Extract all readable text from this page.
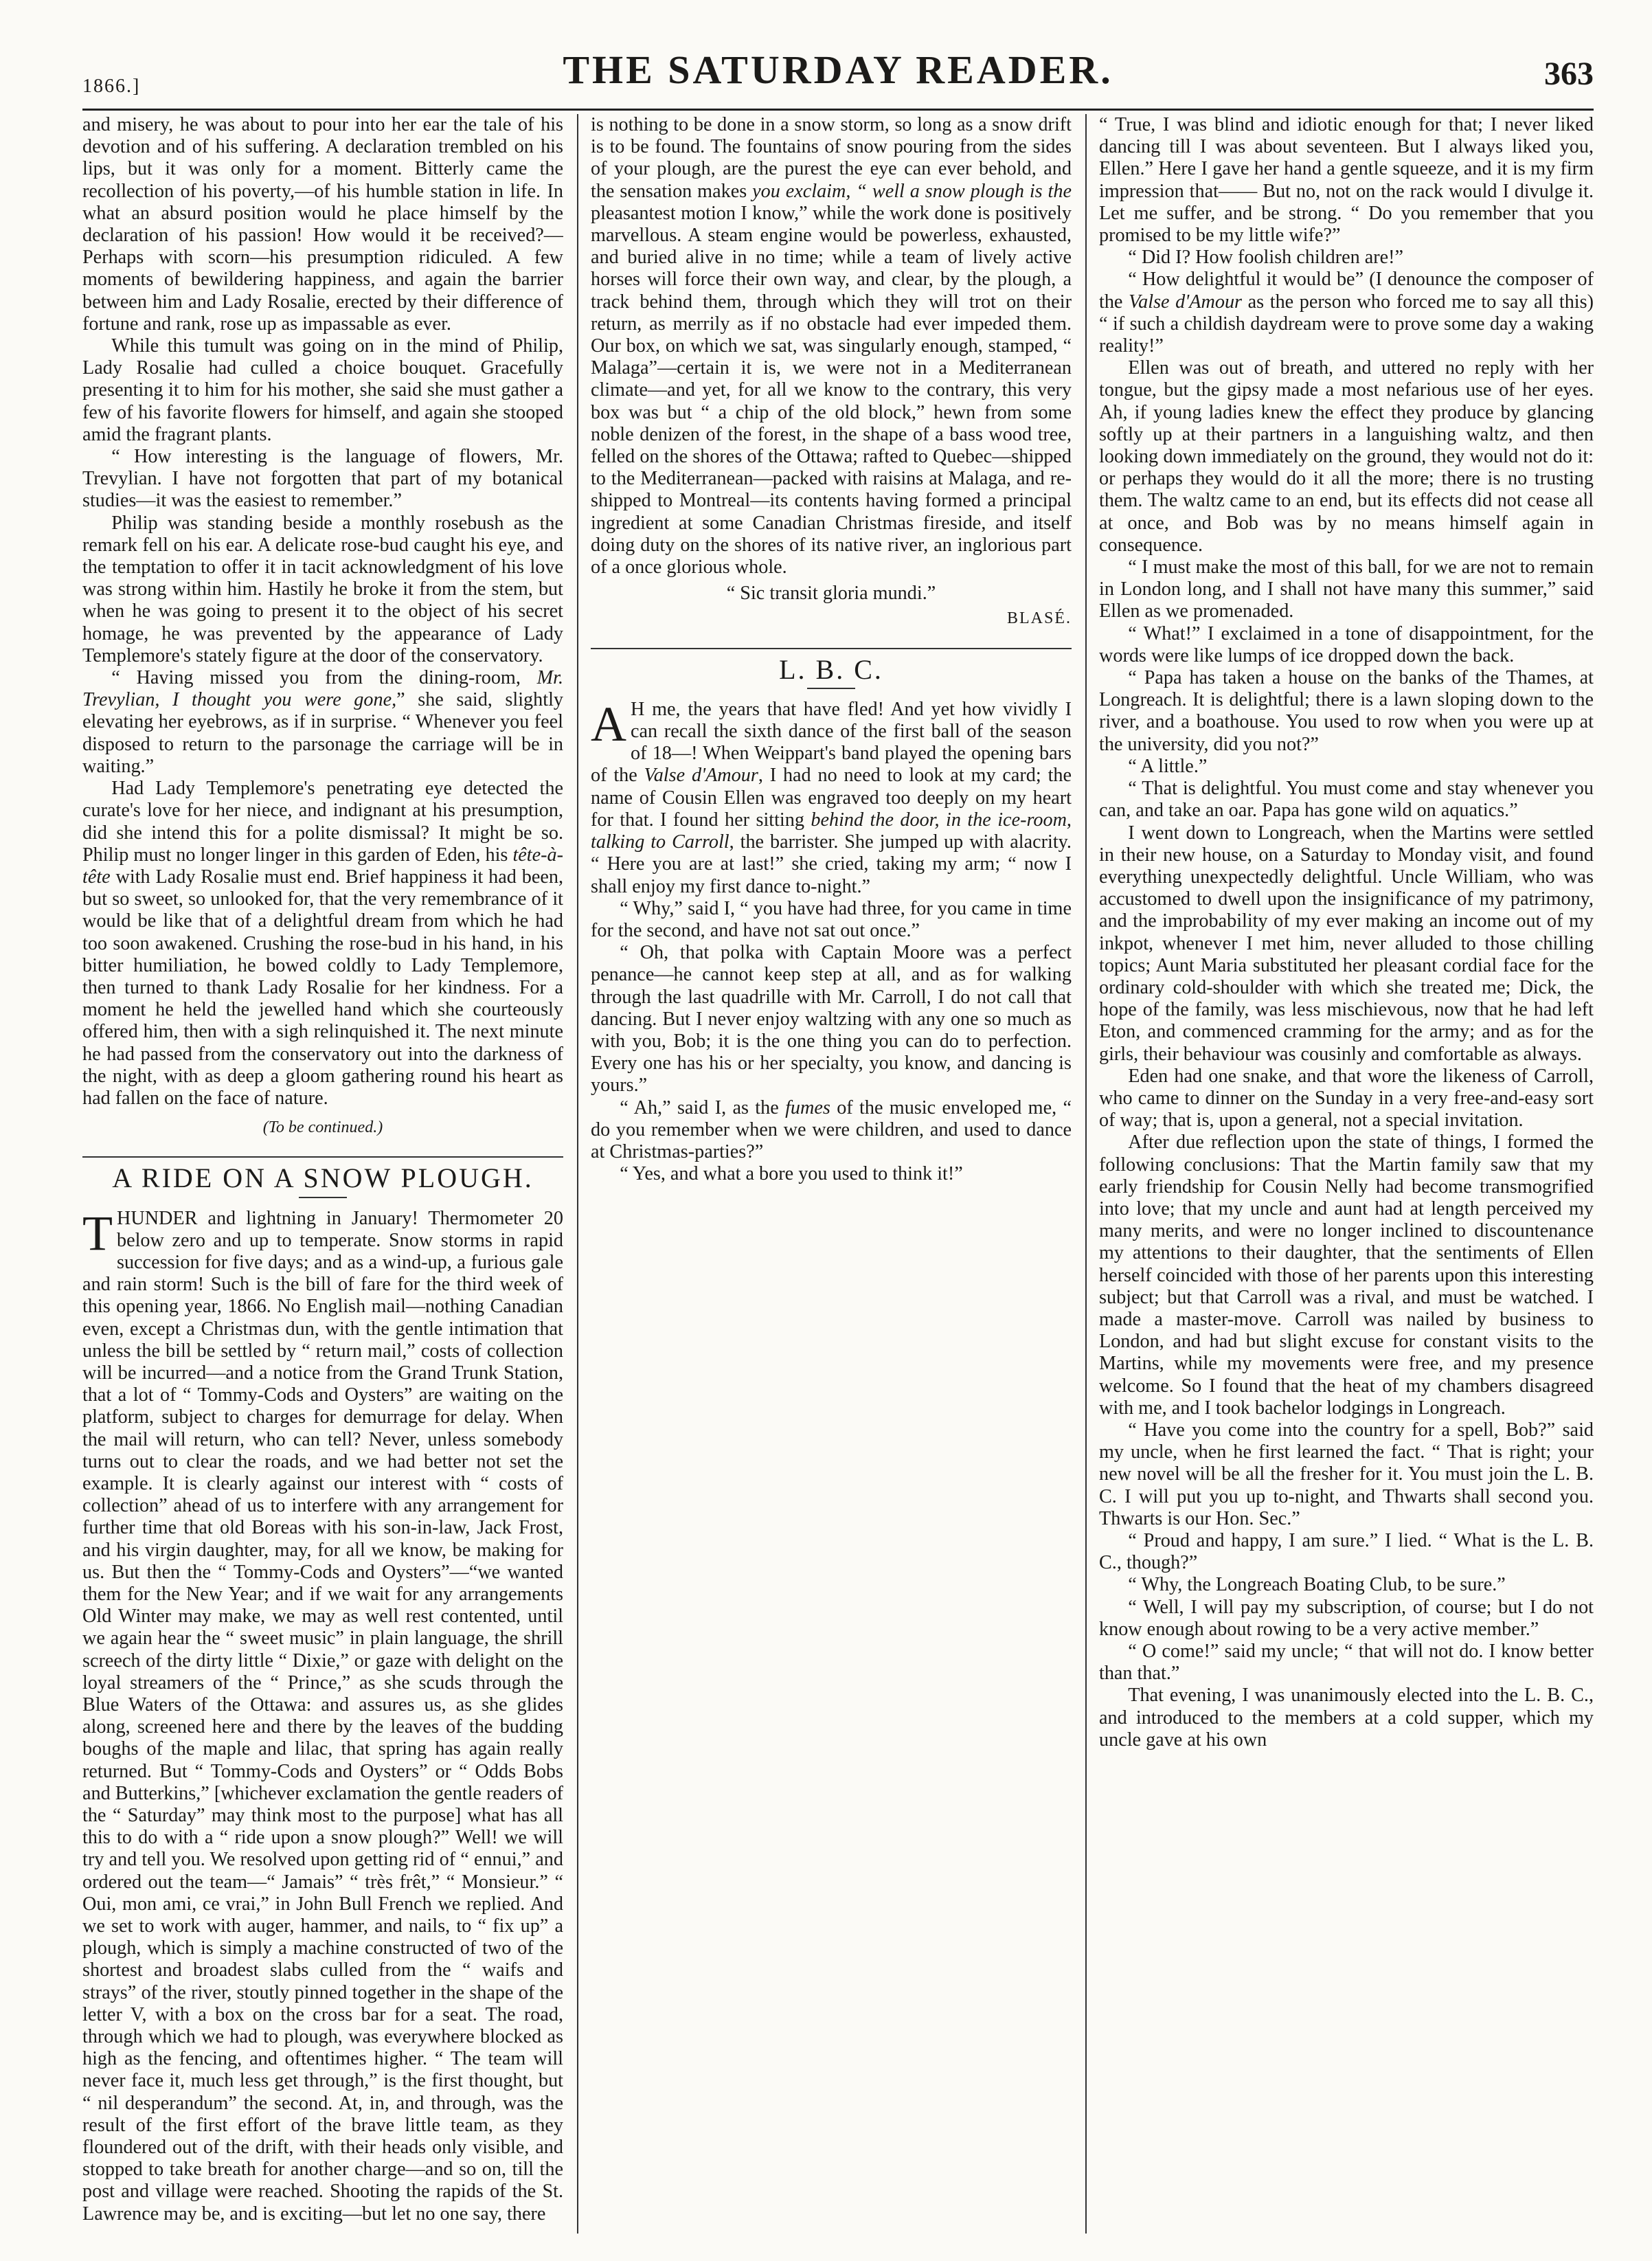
1866.]	THE SATURDAY READER.	363

and misery, he was about to pour into her ear the tale of his devotion and of his suffering. A declaration trembled on his lips, but it was only for a moment. Bitterly came the recollection of his poverty,—of his humble station in life. In what an absurd position would he place himself by the declaration of his passion! How would it be received?—Perhaps with scorn—his presumption ridiculed. A few moments of bewildering happiness, and again the barrier between him and Lady Rosalie, erected by their difference of fortune and rank, rose up as impassable as ever.

While this tumult was going on in the mind of Philip, Lady Rosalie had culled a choice bouquet. Gracefully presenting it to him for his mother, she said she must gather a few of his favorite flowers for himself, and again she stooped amid the fragrant plants.

“ How interesting is the language of flowers, Mr. Trevylian. I have not forgotten that part of my botanical studies—it was the easiest to remember.”

Philip was standing beside a monthly rosebush as the remark fell on his ear. A delicate rose-bud caught his eye, and the temptation to offer it in tacit acknowledgment of his love was strong within him. Hastily he broke it from the stem, but when he was going to present it to the object of his secret homage, he was prevented by the appearance of Lady Templemore's stately figure at the door of the conservatory.

“ Having missed you from the dining-room, Mr. Trevylian, I thought you were gone,” she said, slightly elevating her eyebrows, as if in surprise. “ Whenever you feel disposed to return to the parsonage the carriage will be in waiting.”

Had Lady Templemore's penetrating eye detected the curate's love for her niece, and indignant at his presumption, did she intend this for a polite dismissal? It might be so. Philip must no longer linger in this garden of Eden, his tête-à-tête with Lady Rosalie must end. Brief happiness it had been, but so sweet, so unlooked for, that the very remembrance of it would be like that of a delightful dream from which he had too soon awakened. Crushing the rose-bud in his hand, in his bitter humiliation, he bowed coldly to Lady Templemore, then turned to thank Lady Rosalie for her kindness. For a moment he held the jewelled hand which she courteously offered him, then with a sigh relinquished it. The next minute he had passed from the conservatory out into the darkness of the night, with as deep a gloom gathering round his heart as had fallen on the face of nature.

(To be continued.)
A RIDE ON A SNOW PLOUGH.

THUNDER and lightning in January! Thermometer 20 below zero and up to temperate. Snow storms in rapid succession for five days; and as a wind-up, a furious gale and rain storm! Such is the bill of fare for the third week of this opening year, 1866. No English mail—nothing Canadian even, except a Christmas dun, with the gentle intimation that unless the bill be settled by “ return mail,” costs of collection will be incurred—and a notice from the Grand Trunk Station, that a lot of “ Tommy-Cods and Oysters” are waiting on the platform, subject to charges for demurrage for delay. When the mail will return, who can tell? Never, unless somebody turns out to clear the roads, and we had better not set the example. It is clearly against our interest with “ costs of collection” ahead of us to interfere with any arrangement for further time that old Boreas with his son-in-law, Jack Frost, and his virgin daughter, may, for all we know, be making for us. But then the “ Tommy-Cods and Oysters”—“we wanted them for the New Year; and if we wait for any arrangements Old Winter may make, we may as well rest contented, until we again hear the “ sweet music” in plain language, the shrill screech of the dirty little “ Dixie,” or gaze with delight on the loyal streamers of the “ Prince,” as she scuds through the Blue Waters of the Ottawa: and assures us, as she glides along, screened here and there by the leaves of the budding boughs of the maple and lilac, that spring has again really returned. But “ Tommy-Cods and Oysters” or “ Odds Bobs and Butterkins,” [whichever exclamation the gentle readers of the “ Saturday” may think most to the purpose] what has all this to do with a “ ride upon a snow plough?” Well! we will try and tell you. We resolved upon getting rid of “ ennui,” and ordered out the team—“ Jamais” “ très frêt,” “ Monsieur.” “ Oui, mon ami, ce vrai,” in John Bull French we replied. And we set to work with auger, hammer, and nails, to “ fix up” a plough, which is simply a machine constructed of two of the shortest and broadest slabs culled from the “ waifs and strays” of the river, stoutly pinned together in the shape of the letter V, with a box on the cross bar for a seat. The road, through which we had to plough, was everywhere blocked as high as the fencing, and oftentimes higher. “ The team will never face it, much less get through,” is the first thought, but “ nil desperandum” the second. At, in, and through, was the result of the first effort of the brave little team, as they floundered out of the drift, with their heads only visible, and stopped to take breath for another charge—and so on, till the post and village were reached. Shooting the rapids of the St. Lawrence may be, and is exciting—but let no one say, there

is nothing to be done in a snow storm, so long as a snow drift is to be found. The fountains of snow pouring from the sides of your plough, are the purest the eye can ever behold, and the sensation makes you exclaim, “ well a snow plough is the pleasantest motion I know,” while the work done is positively marvellous. A steam engine would be powerless, exhausted, and buried alive in no time; while a team of lively active horses will force their own way, and clear, by the plough, a track behind them, through which they will trot on their return, as merrily as if no obstacle had ever impeded them. Our box, on which we sat, was singularly enough, stamped, “ Malaga”—certain it is, we were not in a Mediterranean climate—and yet, for all we know to the contrary, this very box was but “ a chip of the old block,” hewn from some noble denizen of the forest, in the shape of a bass wood tree, felled on the shores of the Ottawa; rafted to Quebec—shipped to the Mediterranean—packed with raisins at Malaga, and re-shipped to Montreal—its contents having formed a principal ingredient at some Canadian Christmas fireside, and itself doing duty on the shores of its native river, an inglorious part of a once glorious whole.

“ Sic transit gloria mundi.”
BLASÉ.
L. B. C.

A H me, the years that have fled! And yet how vividly I can recall the sixth dance of the first ball of the season of 18—! When Weippart's band played the opening bars of the Valse d'Amour, I had no need to look at my card; the name of Cousin Ellen was engraved too deeply on my heart for that. I found her sitting behind the door, in the ice-room, talking to Carroll, the barrister. She jumped up with alacrity. “ Here you are at last!” she cried, taking my arm; “ now I shall enjoy my first dance to-night.”

“ Why,” said I, “ you have had three, for you came in time for the second, and have not sat out once.”

“ Oh, that polka with Captain Moore was a perfect penance—he cannot keep step at all, and as for walking through the last quadrille with Mr. Carroll, I do not call that dancing. But I never enjoy waltzing with any one so much as with you, Bob; it is the one thing you can do to perfection. Every one has his or her specialty, you know, and dancing is yours.”

“ Ah,” said I, as the fumes of the music enveloped me, “ do you remember when we were children, and used to dance at Christmas-parties?”

“ Yes, and what a bore you used to think it!”

“ True, I was blind and idiotic enough for that; I never liked dancing till I was about seventeen. But I always liked you, Ellen.” Here I gave her hand a gentle squeeze, and it is my firm impression that—— But no, not on the rack would I divulge it. Let me suffer, and be strong. “ Do you remember that you promised to be my little wife?”

“ Did I? How foolish children are!”

“ How delightful it would be” (I denounce the composer of the Valse d'Amour as the person who forced me to say all this) “ if such a childish daydream were to prove some day a waking reality!”

Ellen was out of breath, and uttered no reply with her tongue, but the gipsy made a most nefarious use of her eyes. Ah, if young ladies knew the effect they produce by glancing softly up at their partners in a languishing waltz, and then looking down immediately on the ground, they would not do it: or perhaps they would do it all the more; there is no trusting them. The waltz came to an end, but its effects did not cease all at once, and Bob was by no means himself again in consequence.

“ I must make the most of this ball, for we are not to remain in London long, and I shall not have many this summer,” said Ellen as we promenaded.

“ What!” I exclaimed in a tone of disappointment, for the words were like lumps of ice dropped down the back.

“ Papa has taken a house on the banks of the Thames, at Longreach. It is delightful; there is a lawn sloping down to the river, and a boathouse. You used to row when you were up at the university, did you not?”

“ A little.”

“ That is delightful. You must come and stay whenever you can, and take an oar. Papa has gone wild on aquatics.”

I went down to Longreach, when the Martins were settled in their new house, on a Saturday to Monday visit, and found everything unexpectedly delightful. Uncle William, who was accustomed to dwell upon the insignificance of my patrimony, and the improbability of my ever making an income out of my inkpot, whenever I met him, never alluded to those chilling topics; Aunt Maria substituted her pleasant cordial face for the ordinary cold-shoulder with which she treated me; Dick, the hope of the family, was less mischievous, now that he had left Eton, and commenced cramming for the army; and as for the girls, their behaviour was cousinly and comfortable as always.

Eden had one snake, and that wore the likeness of Carroll, who came to dinner on the Sunday in a very free-and-easy sort of way; that is, upon a general, not a special invitation.

After due reflection upon the state of things, I formed the following conclusions: That the Martin family saw that my early friendship for Cousin Nelly had become transmogrified into love; that my uncle and aunt had at length perceived my many merits, and were no longer inclined to discountenance my attentions to their daughter, that the sentiments of Ellen herself coincided with those of her parents upon this interesting subject; but that Carroll was a rival, and must be watched. I made a master-move. Carroll was nailed by business to London, and had but slight excuse for constant visits to the Martins, while my movements were free, and my presence welcome. So I found that the heat of my chambers disagreed with me, and I took bachelor lodgings in Longreach.

“ Have you come into the country for a spell, Bob?” said my uncle, when he first learned the fact. “ That is right; your new novel will be all the fresher for it. You must join the L. B. C. I will put you up to-night, and Thwarts shall second you. Thwarts is our Hon. Sec.”

“ Proud and happy, I am sure.” I lied. “ What is the L. B. C., though?”

“ Why, the Longreach Boating Club, to be sure.”

“ Well, I will pay my subscription, of course; but I do not know enough about rowing to be a very active member.”

“ O come!” said my uncle; “ that will not do. I know better than that.”

That evening, I was unanimously elected into the L. B. C., and introduced to the members at a cold supper, which my uncle gave at his own
